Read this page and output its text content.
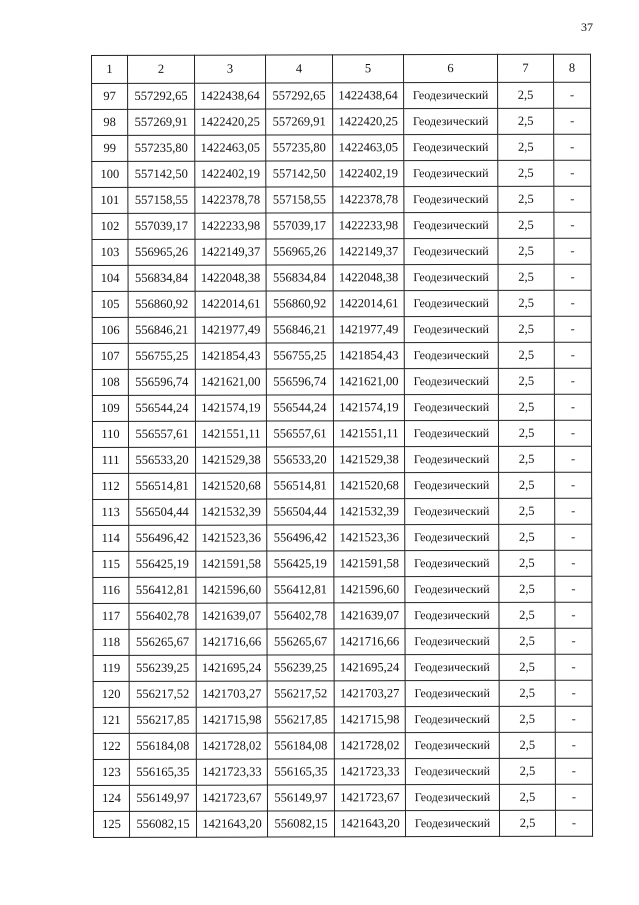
37
1	2	3	4	5	6	7	8
97	557292,65	1422438,64	557292,65	1422438,64	Геодезический	2,5	-
98	557269,91	1422420,25	557269,91	1422420,25	Геодезический	2,5	-
99	557235,80	1422463,05	557235,80	1422463,05	Геодезический	2,5	-
100	557142,50	1422402,19	557142,50	1422402,19	Геодезический	2,5	-
101	557158,55	1422378,78	557158,55	1422378,78	Геодезический	2,5	-
102	557039,17	1422233,98	557039,17	1422233,98	Геодезический	2,5	-
103	556965,26	1422149,37	556965,26	1422149,37	Геодезический	2,5	-
104	556834,84	1422048,38	556834,84	1422048,38	Геодезический	2,5	-
105	556860,92	1422014,61	556860,92	1422014,61	Геодезический	2,5	-
106	556846,21	1421977,49	556846,21	1421977,49	Геодезический	2,5	-
107	556755,25	1421854,43	556755,25	1421854,43	Геодезический	2,5	-
108	556596,74	1421621,00	556596,74	1421621,00	Геодезический	2,5	-
109	556544,24	1421574,19	556544,24	1421574,19	Геодезический	2,5	-
110	556557,61	1421551,11	556557,61	1421551,11	Геодезический	2,5	-
111	556533,20	1421529,38	556533,20	1421529,38	Геодезический	2,5	-
112	556514,81	1421520,68	556514,81	1421520,68	Геодезический	2,5	-
113	556504,44	1421532,39	556504,44	1421532,39	Геодезический	2,5	-
114	556496,42	1421523,36	556496,42	1421523,36	Геодезический	2,5	-
115	556425,19	1421591,58	556425,19	1421591,58	Геодезический	2,5	-
116	556412,81	1421596,60	556412,81	1421596,60	Геодезический	2,5	-
117	556402,78	1421639,07	556402,78	1421639,07	Геодезический	2,5	-
118	556265,67	1421716,66	556265,67	1421716,66	Геодезический	2,5	-
119	556239,25	1421695,24	556239,25	1421695,24	Геодезический	2,5	-
120	556217,52	1421703,27	556217,52	1421703,27	Геодезический	2,5	-
121	556217,85	1421715,98	556217,85	1421715,98	Геодезический	2,5	-
122	556184,08	1421728,02	556184,08	1421728,02	Геодезический	2,5	-
123	556165,35	1421723,33	556165,35	1421723,33	Геодезический	2,5	-
124	556149,97	1421723,67	556149,97	1421723,67	Геодезический	2,5	-
125	556082,15	1421643,20	556082,15	1421643,20	Геодезический	2,5	-
